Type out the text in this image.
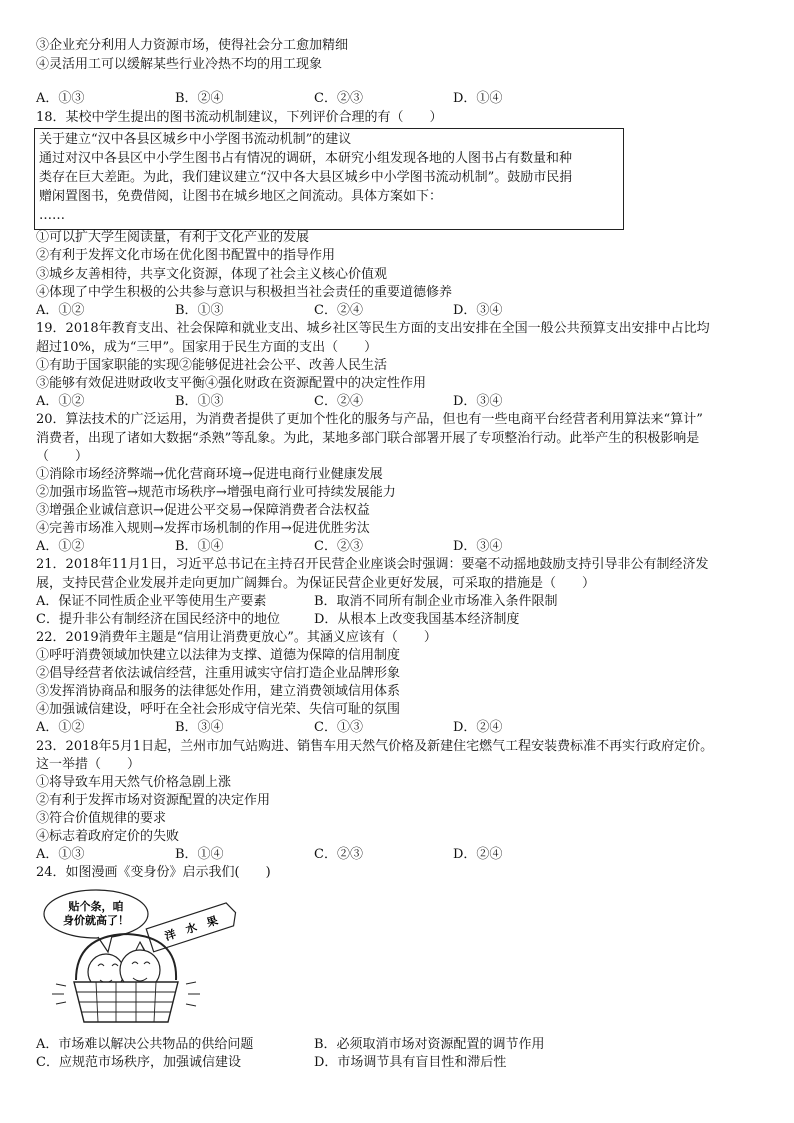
③企业充分利用人力资源市场，使得社会分工愈加精细
④灵活用工可以缓解某些行业冷热不均的用工现象
A．①③	B．②④	C．②③	D．①④
18．某校中学生提出的图书流动机制建议，下列评价合理的有（　　）
关于建立“汉中各县区城乡中小学图书流动机制”的建议
通过对汉中各县区中小学生图书占有情况的调研，本研究小组发现各地的人图书占有数量和种
类存在巨大差距。为此，我们建议建立“汉中各大县区城乡中小学图书流动机制”。鼓励市民捐
赠闲置图书，免费借阅，让图书在城乡地区之间流动。具体方案如下：
……
①可以扩大学生阅读量，有利于文化产业的发展
②有利于发挥文化市场在优化图书配置中的指导作用
③城乡友善相待，共享文化资源，体现了社会主义核心价值观
④体现了中学生积极的公共参与意识与积极担当社会责任的重要道德修养
A．①②	B．①③	C．②④	D．③④
19．2018年教育支出、社会保障和就业支出、城乡社区等民生方面的支出安排在全国一般公共预算支出安排中占比均
超过10%，成为“三甲”。国家用于民生方面的支出（　　）
①有助于国家职能的实现②能够促进社会公平、改善人民生活
③能够有效促进财政收支平衡④强化财政在资源配置中的决定性作用
A．①②	B．①③	C．②④	D．③④
20．算法技术的广泛运用，为消费者提供了更加个性化的服务与产品，但也有一些电商平台经营者利用算法来“算计”
消费者，出现了诸如大数据“杀熟”等乱象。为此，某地多部门联合部署开展了专项整治行动。此举产生的积极影响是
（　　）
①消除市场经济弊端→优化营商环境→促进电商行业健康发展
②加强市场监管→规范市场秩序→增强电商行业可持续发展能力
③增强企业诚信意识→促进公平交易→保障消费者合法权益
④完善市场准入规则→发挥市场机制的作用→促进优胜劣汰
A．①②	B．①④	C．②③	D．③④
21．2018年11月1日，习近平总书记在主持召开民营企业座谈会时强调：要毫不动摇地鼓励支持引导非公有制经济发
展，支持民营企业发展并走向更加广阔舞台。为保证民营企业更好发展，可采取的措施是（　　）
A．保证不同性质企业平等使用生产要素	B．取消不同所有制企业市场准入条件限制
C．提升非公有制经济在国民经济中的地位	D．从根本上改变我国基本经济制度
22．2019消费年主题是“信用让消费更放心”。其涵义应该有（　　）
①呼吁消费领域加快建立以法律为支撑、道德为保障的信用制度
②倡导经营者依法诚信经营，注重用诚实守信打造企业品牌形象
③发挥消协商品和服务的法律惩处作用，建立消费领域信用体系
④加强诚信建设，呼吁在全社会形成守信光荣、失信可耻的氛围
A．①②	B．③④	C．①③	D．②④
23．2018年5月1日起，兰州市加气站购进、销售车用天然气价格及新建住宅燃气工程安装费标准不再实行政府定价。
这一举措（　　）
①将导致车用天然气价格急剧上涨
②有利于发挥市场对资源配置的决定作用
③符合价值规律的要求
④标志着政府定价的失败
A．①③	B．①④	C．②③	D．②④
24．如图漫画《变身份》启示我们(　　)
贴个条，咱
身价就高了！	洋　水　果
A．市场难以解决公共物品的供给问题	B．必须取消市场对资源配置的调节作用
C．应规范市场秩序，加强诚信建设	D．市场调节具有盲目性和滞后性
